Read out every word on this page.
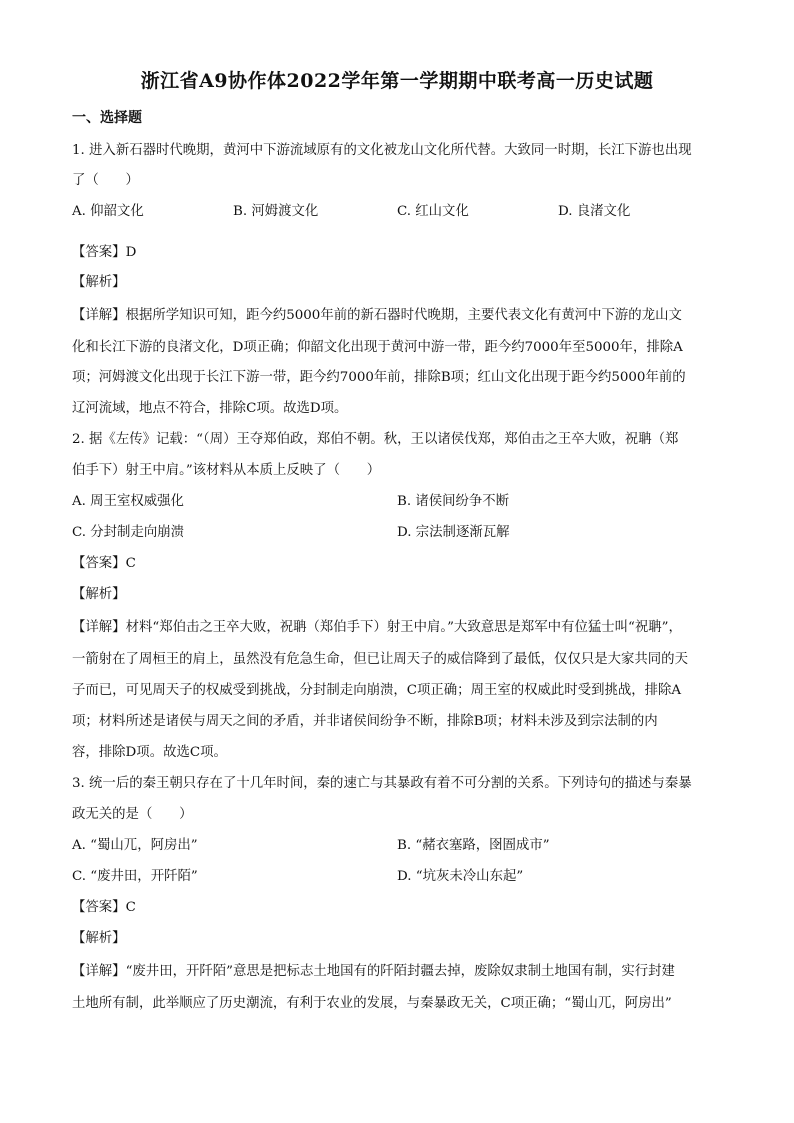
浙江省A9协作体2022学年第一学期期中联考高一历史试题
一、选择题
1. 进入新石器时代晚期，黄河中下游流域原有的文化被龙山文化所代替。大致同一时期，长江下游也出现
了（　　）
A. 仰韶文化	B. 河姆渡文化	C. 红山文化	D. 良渚文化
【答案】D
【解析】
【详解】根据所学知识可知，距今约5000年前的新石器时代晚期，主要代表文化有黄河中下游的龙山文
化和长江下游的良渚文化，D项正确；仰韶文化出现于黄河中游一带，距今约7000年至5000年，排除A
项；河姆渡文化出现于长江下游一带，距今约7000年前，排除B项；红山文化出现于距今约5000年前的
辽河流域，地点不符合，排除C项。故选D项。
2. 据《左传》记载：“（周）王夺郑伯政，郑伯不朝。秋，王以诸侯伐郑，郑伯击之王卒大败，祝聃（郑
伯手下）射王中肩。”该材料从本质上反映了（　　）
A. 周王室权威强化	B. 诸侯间纷争不断
C. 分封制走向崩溃	D. 宗法制逐渐瓦解
【答案】C
【解析】
【详解】材料“郑伯击之王卒大败，祝聃（郑伯手下）射王中肩。”大致意思是郑军中有位猛士叫“祝聃”，
一箭射在了周桓王的肩上，虽然没有危急生命，但已让周天子的威信降到了最低，仅仅只是大家共同的天
子而已，可见周天子的权威受到挑战，分封制走向崩溃，C项正确；周王室的权威此时受到挑战，排除A
项；材料所述是诸侯与周天之间的矛盾，并非诸侯间纷争不断，排除B项；材料未涉及到宗法制的内
容，排除D项。故选C项。
3. 统一后的秦王朝只存在了十几年时间，秦的速亡与其暴政有着不可分割的关系。下列诗句的描述与秦暴
政无关的是（　　）
A. “蜀山兀，阿房出”	B. “赭衣塞路，囹圄成市”
C. “废井田，开阡陌”	D. “坑灰未冷山东起”
【答案】C
【解析】
【详解】“废井田，开阡陌”意思是把标志土地国有的阡陌封疆去掉，废除奴隶制土地国有制，实行封建
土地所有制，此举顺应了历史潮流，有利于农业的发展，与秦暴政无关，C项正确；“蜀山兀，阿房出”
